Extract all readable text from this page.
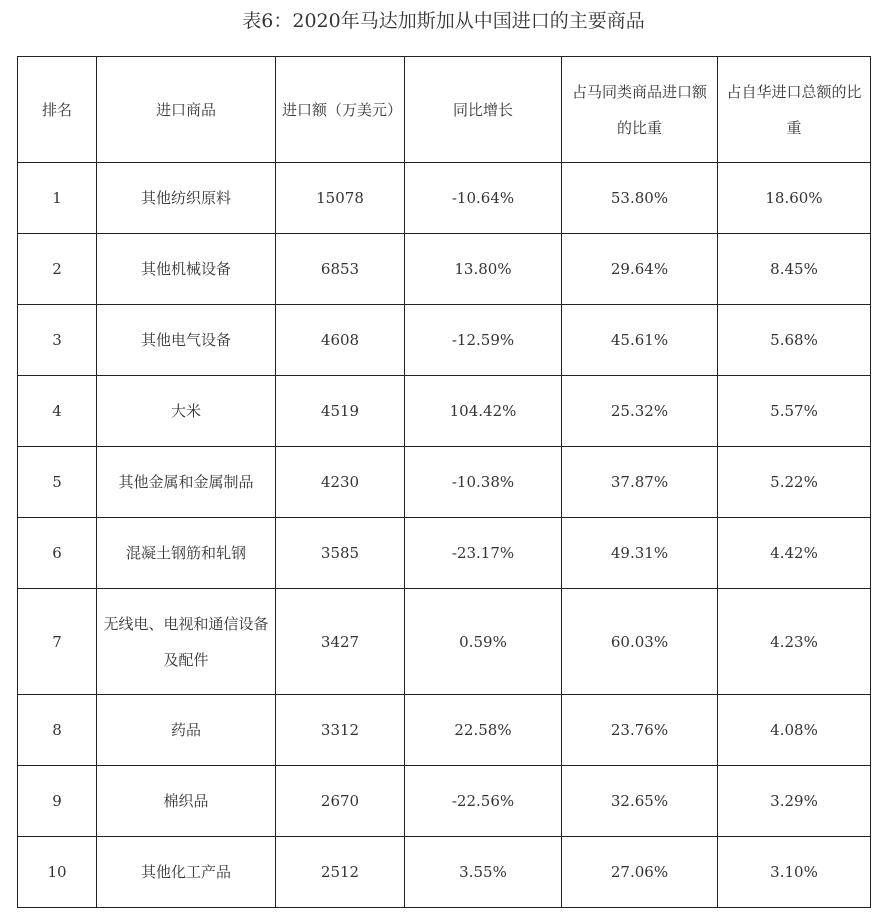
表6：2020年马达加斯加从中国进口的主要商品
排名	进口商品	进口额（万美元）	同比增长	占马同类商品进口额的比重	占自华进口总额的比重
1	其他纺织原料	15078	-10.64%	53.80%	18.60%
2	其他机械设备	6853	13.80%	29.64%	8.45%
3	其他电气设备	4608	-12.59%	45.61%	5.68%
4	大米	4519	104.42%	25.32%	5.57%
5	其他金属和金属制品	4230	-10.38%	37.87%	5.22%
6	混凝土钢筋和轧钢	3585	-23.17%	49.31%	4.42%
7	无线电、电视和通信设备及配件	3427	0.59%	60.03%	4.23%
8	药品	3312	22.58%	23.76%	4.08%
9	棉织品	2670	-22.56%	32.65%	3.29%
10	其他化工产品	2512	3.55%	27.06%	3.10%
